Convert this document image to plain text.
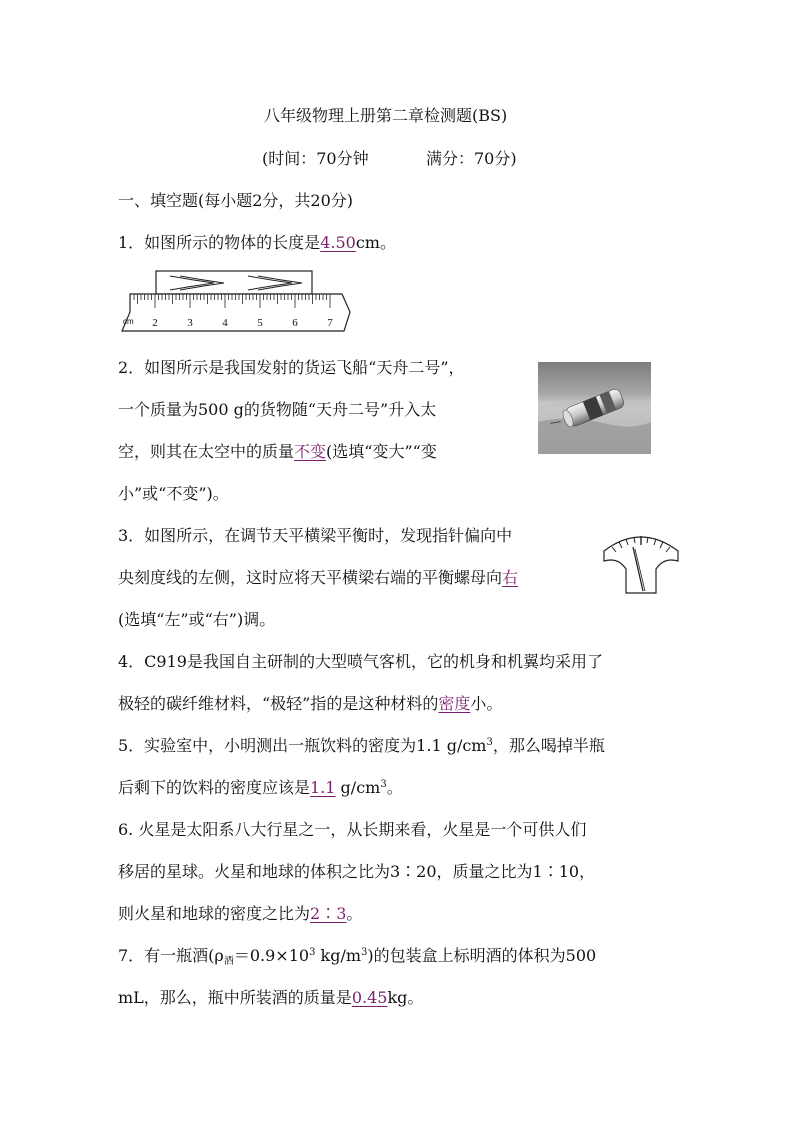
八年级物理上册第二章检测题(BS)
(时间：70分钟	满分：70分)
一、填空题(每小题2分，共20分)
1．如图所示的物体的长度是4.50cm。
2	3	4	5	6	7
cm
2．如图所示是我国发射的货运飞船“天舟二号”，
一个质量为500 g的货物随“天舟二号”升入太
空，则其在太空中的质量不变(选填“变大”“变
小”或“不变”)。
3．如图所示，在调节天平横梁平衡时，发现指针偏向中
央刻度线的左侧，这时应将天平横梁右端的平衡螺母向右
(选填“左”或“右”)调。
4．C919是我国自主研制的大型喷气客机，它的机身和机翼均采用了
极轻的碳纤维材料，“极轻”指的是这种材料的密度小。
5．实验室中，小明测出一瓶饮料的密度为1.1 $g/cm^3$，那么喝掉半瓶
后剩下的饮料的密度应该是1.1 $g/cm^3$。
6. 火星是太阳系八大行星之一，从长期来看，火星是一个可供人们
移居的星球。火星和地球的体积之比为3∶20，质量之比为1∶10，
则火星和地球的密度之比为2∶3。
7．有一瓶酒($\rho_酒=0.9\times 10^3$ $kg/m^3$)的包装盒上标明酒的体积为500
mL，那么，瓶中所装酒的质量是0.45kg。
